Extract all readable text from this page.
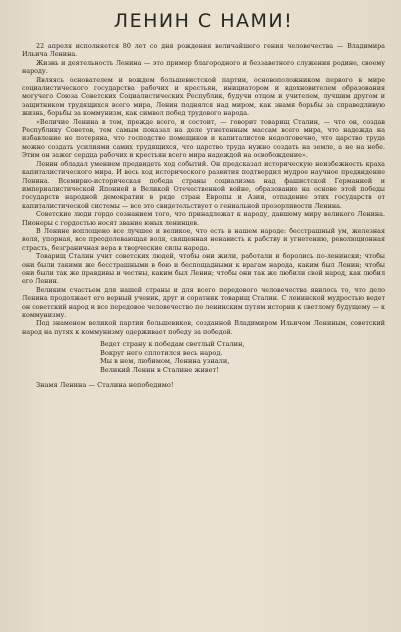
ЛЕНИН С НАМИ!

22 апреля исполняется 80 лет со дня рождения величайшего гения человечества — Владимира Ильича Ленина.

Жизнь и деятельность Ленина — это пример благородного и беззаветного служения родине, своему народу.

Являясь основателем и вождем большевистской партии, основоположником первого в мире социалистического государства рабочих и крестьян, инициатором и вдохновителем образования могучего Союза Советских Социалистических Республик, будучи отцом и учителем, лучшим другом и защитником трудящихся всего мира, Ленин поднялся над миром, как знамя борьбы за справедливую жизнь, борьбы за коммунизм, как символ побед трудового народа.

«Величие Ленина в том, прежде всего, и состоит, — говорит товарищ Сталин, — что он, создав Республику Советов, тем самым показал на деле угнетенным массам всего мира, что надежда на избавление не потеряна, что господство помещиков и капиталистов недолговечно, что царство труда можно создать усилиями самих трудящихся, что царство труда нужно создать на земле, а не на небе. Этим он зажег сердца рабочих и крестьян всего мира надеждой на освобождение».

Ленин обладал умением предвидеть ход событий. Он предсказал историческую неизбежность краха капиталистического мира. И весь ход исторического развития подтвердил мудрое научное предвидение Ленина. Всемирно-историческая победа страны социализма над фашистской Германией и империалистической Японией в Великой Отечественной войне, образование на основе этой победы государств народной демократии в ряде стран Европы и Азии, отпадение этих государств от капиталистической системы — все это свидетельствует о гениальной прозорливости Ленина.

Советские люди гордо сознанием того, что принадлежат к народу, давшему миру великого Ленина. Пионеры с гордостью носят звание юных ленинцев.

В Ленине воплощено все лучшее и великое, что есть в нашем народе: бесстрашный ум, железная воля, упорная, все преодолевающая воля, священная ненависть к рабству и угнетению, революционная страсть, безграничная вера в творческие силы народа.

Товарищ Сталин учит советских людей, чтобы они жили, работали и боролись по-ленински; чтобы они были такими же бесстрашными в бою и беспощадными к врагам народа, каким был Ленин; чтобы они были так же правдивы и честны, каким был Ленин; чтобы они так же любили свой народ, как любил его Ленин.

Великим счастьем для нашей страны и для всего передового человечества явилось то, что дело Ленина продолжает его верный ученик, друг и соратник товарищ Сталин. С ленинской мудростью ведет он советский народ и все передовое человечество по ленинским путям истории к светлому будущему — к коммунизму.

Под знаменем великой партии большевиков, созданной Владимиром Ильичом Лениным, советский народ на путях к коммунизму одерживает победу за победой.

Ведет страну к победам светлый Сталин,
Вокруг него сплотился весь народ.
Мы в нем, любимом, Ленина узнали,
Великий Ленин в Сталине живет!

Знамя Ленина — Сталина непобедимо!
